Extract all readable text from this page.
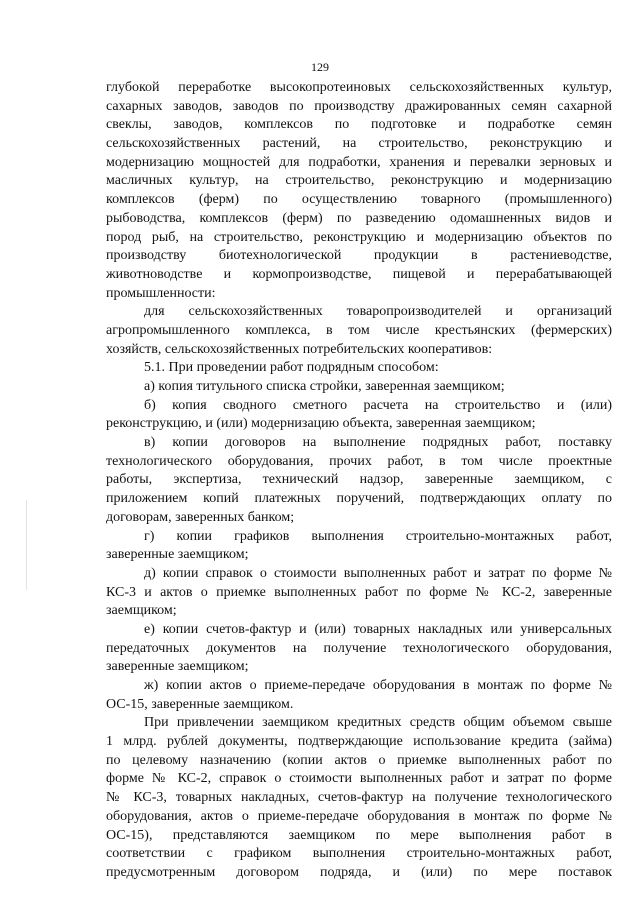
129
глубокой переработке высокопротеиновых сельскохозяйственных культур,
сахарных заводов, заводов по производству дражированных семян сахарной
свеклы, заводов, комплексов по подготовке и подработке семян
сельскохозяйственных растений, на строительство, реконструкцию и
модернизацию мощностей для подработки, хранения и перевалки зерновых и
масличных культур, на строительство, реконструкцию и модернизацию
комплексов (ферм) по осуществлению товарного (промышленного)
рыбоводства, комплексов (ферм) по разведению одомашненных видов и
пород рыб, на строительство, реконструкцию и модернизацию объектов по
производству биотехнологической продукции в растениеводстве,
животноводстве и кормопроизводстве, пищевой и перерабатывающей
промышленности:
для сельскохозяйственных товаропроизводителей и организаций
агропромышленного комплекса, в том числе крестьянских (фермерских)
хозяйств, сельскохозяйственных потребительских кооперативов:
5.1. При проведении работ подрядным способом:
а) копия титульного списка стройки, заверенная заемщиком;
б) копия сводного сметного расчета на строительство и (или)
реконструкцию, и (или) модернизацию объекта, заверенная заемщиком;
в) копии договоров на выполнение подрядных работ, поставку
технологического оборудования, прочих работ, в том числе проектные
работы, экспертиза, технический надзор, заверенные заемщиком, с
приложением копий платежных поручений, подтверждающих оплату по
договорам, заверенных банком;
г) копии графиков выполнения строительно-монтажных работ,
заверенные заемщиком;
д) копии справок о стоимости выполненных работ и затрат по форме №
КС-3 и актов о приемке выполненных работ по форме № КС-2, заверенные
заемщиком;
е) копии счетов-фактур и (или) товарных накладных или универсальных
передаточных документов на получение технологического оборудования,
заверенные заемщиком;
ж) копии актов о приеме-передаче оборудования в монтаж по форме №
ОС-15, заверенные заемщиком.
При привлечении заемщиком кредитных средств общим объемом свыше
1 млрд. рублей документы, подтверждающие использование кредита (займа)
по целевому назначению (копии актов о приемке выполненных работ по
форме № КС-2, справок о стоимости выполненных работ и затрат по форме
№ КС-3, товарных накладных, счетов-фактур на получение технологического
оборудования, актов о приеме-передаче оборудования в монтаж по форме №
ОС-15), представляются заемщиком по мере выполнения работ в
соответствии с графиком выполнения строительно-монтажных работ,
предусмотренным договором подряда, и (или) по мере поставок
